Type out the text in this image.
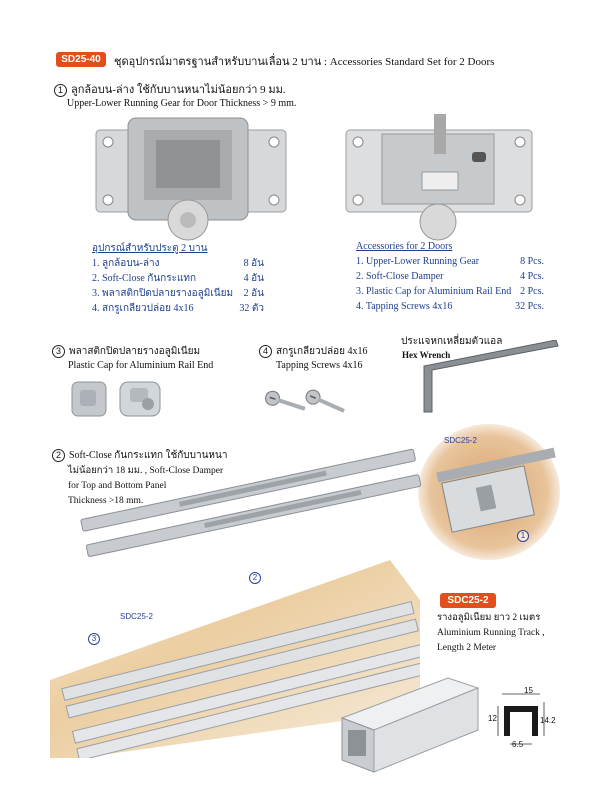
SD25-40	ชุดอุปกรณ์มาตรฐานสำหรับบานเลื่อน 2 บาน : Accessories Standard Set for 2 Doors
1 ลูกล้อบน-ล่าง ใช้กับบานหนาไม่น้อยกว่า 9 มม.
Upper-Lower Running Gear for Door Thickness > 9 mm.
อุปกรณ์สำหรับประตู 2 บาน
1. ลูกล้อบน-ล่าง	8 อัน
2. Soft-Close กันกระแทก	4 อัน
3. พลาสติกปิดปลายรางอลูมิเนียม 2 อัน
4. สกรูเกลียวปล่อย 4x16	32 ตัว
Accessories for 2 Doors
1. Upper-Lower Running Gear	8 Pcs.
2. Soft-Close Damper	4 Pcs.
3. Plastic Cap for Aluminium Rail End 2 Pcs.
4. Tapping Screws 4x16	32 Pcs.
3 พลาสติกปิดปลายรางอลูมิเนียม
Plastic Cap for Aluminium Rail End
4 สกรูเกลียวปล่อย 4x16
Tapping Screws 4x16
ประแจหกเหลี่ยมตัวแอล
Hex Wrench
2 Soft-Close กันกระแทก ใช้กับบานหนา
ไม่น้อยกว่า 18 มม. , Soft-Close Damper
for Top and Bottom Panel
Thickness >18 mm.
SDC25-2
1
SDC25-2
2
3
SDC25-2
รางอลูมิเนียม ยาว 2 เมตร
Aluminium Running Track ,
Length 2 Meter
15
12	14.2
6.5
